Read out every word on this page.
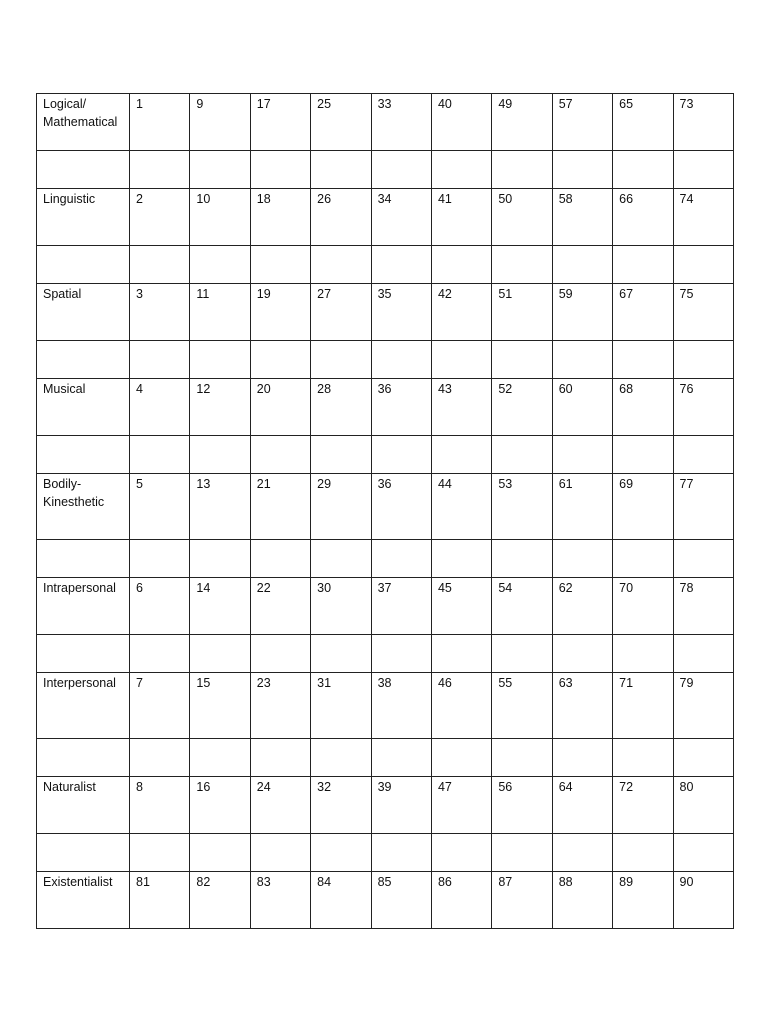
Logical/ Mathematical	1	9	17	25	33	40	49	57	65	73

Linguistic	2	10	18	26	34	41	50	58	66	74

Spatial	3	11	19	27	35	42	51	59	67	75

Musical	4	12	20	28	36	43	52	60	68	76

Bodily-Kinesthetic	5	13	21	29	36	44	53	61	69	77

Intrapersonal	6	14	22	30	37	45	54	62	70	78

Interpersonal	7	15	23	31	38	46	55	63	71	79

Naturalist	8	16	24	32	39	47	56	64	72	80

Existentialist	81	82	83	84	85	86	87	88	89	90
